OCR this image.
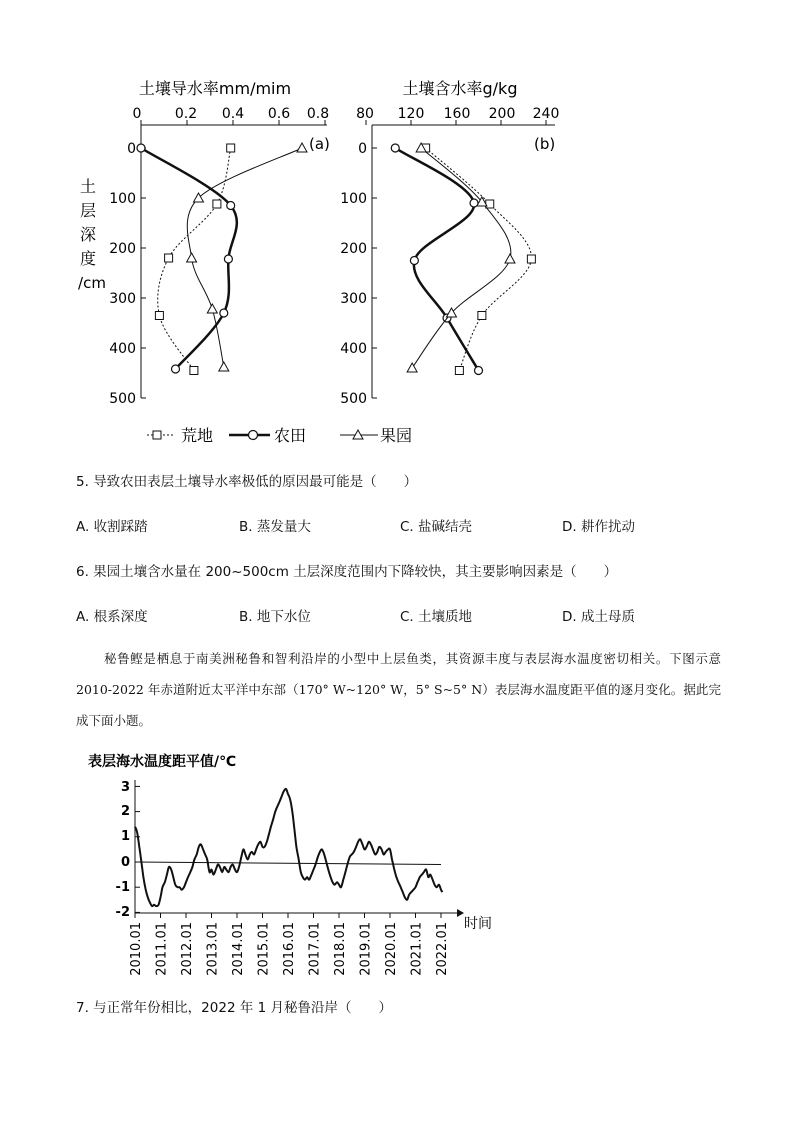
土壤导水率mm/mim	土壤含水率g/kg
土
层
深
度
/cm
0 0.2 0.4 0.6 0.8
0
100
200
300
400
500
(a)
80 120 160 200 240
0
100
200
300
400
500
(b)
荒地	农田	果园
5. 导致农田表层土壤导水率极低的原因最可能是（　　）
A. 收割踩踏	B. 蒸发量大	C. 盐碱结壳	D. 耕作扰动
6. 果园土壤含水量在 200~500cm 土层深度范围内下降较快，其主要影响因素是（　　）
A. 根系深度	B. 地下水位	C. 土壤质地	D. 成土母质
秘鲁鲣是栖息于南美洲秘鲁和智利沿岸的小型中上层鱼类，其资源丰度与表层海水温度密切相关。下图示意 2010-2022 年赤道附近太平洋中东部（170° W~120° W，5° S~5° N）表层海水温度距平值的逐月变化。据此完成下面小题。
表层海水温度距平值/℃
3
2
1
0
-1
-2
2010.01 2011.01 2012.01 2013.01 2014.01 2015.01 2016.01 2017.01 2018.01 2019.01 2020.01 2021.01 2022.01 时间
7. 与正常年份相比，2022 年 1 月秘鲁沿岸（　　）
